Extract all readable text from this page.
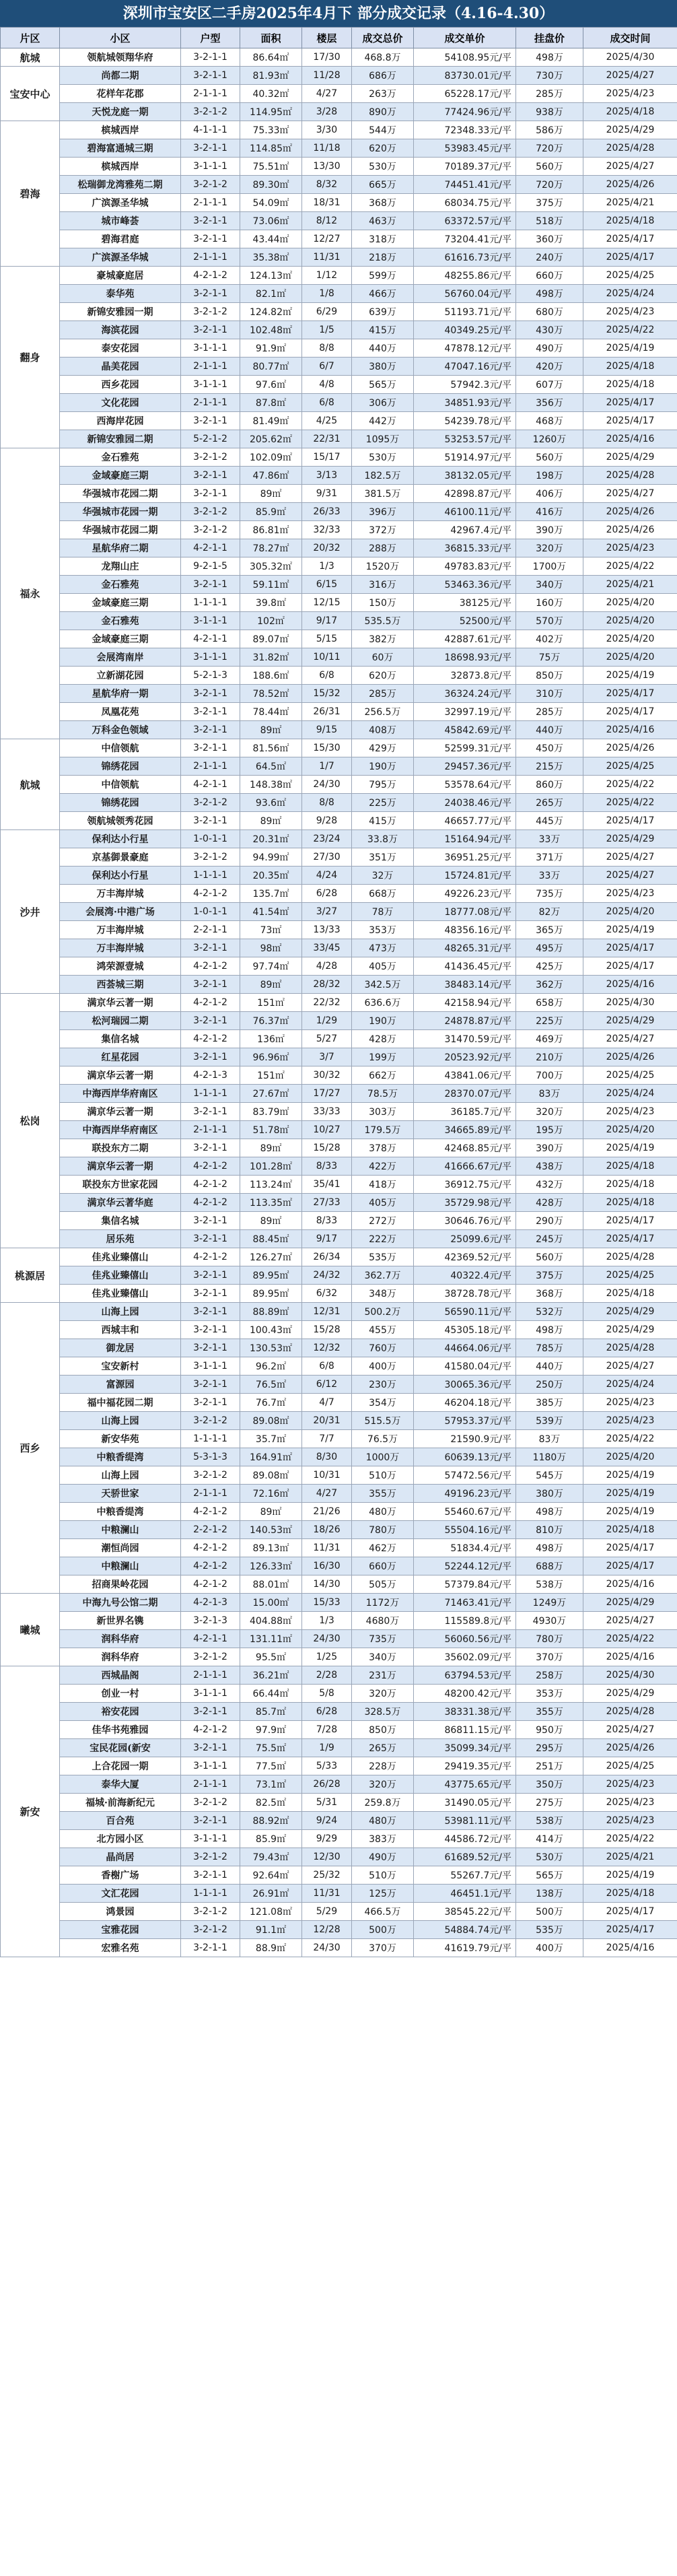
深圳市宝安区二手房2025年4月下 部分成交记录（4.16-4.30）
片区	小区	户型	面积	楼层	成交总价	成交单价	挂盘价	成交时间
航城	领航城领翔华府	3-2-1-1	86.64㎡	17/30	468.8万	54108.95元/平	498万	2025/4/30
宝安中心	尚都二期	3-2-1-1	81.93㎡	11/28	686万	83730.01元/平	730万	2025/4/27
	花样年花郡	2-1-1-1	40.32㎡	4/27	263万	65228.17元/平	285万	2025/4/23
	天悦龙庭一期	3-2-1-2	114.95㎡	3/28	890万	77424.96元/平	938万	2025/4/18
碧海	槟城西岸	4-1-1-1	75.33㎡	3/30	544万	72348.33元/平	586万	2025/4/29
	碧海富通城三期	3-2-1-1	114.85㎡	11/18	620万	53983.45元/平	720万	2025/4/28
	槟城西岸	3-1-1-1	75.51㎡	13/30	530万	70189.37元/平	560万	2025/4/27
	松瑞御龙湾雅苑二期	3-2-1-2	89.30㎡	8/32	665万	74451.41元/平	720万	2025/4/26
	广滨源圣华城	2-1-1-1	54.09㎡	18/31	368万	68034.75元/平	375万	2025/4/21
	城市峰荟	3-2-1-1	73.06㎡	8/12	463万	63372.57元/平	518万	2025/4/18
	碧海君庭	3-2-1-1	43.44㎡	12/27	318万	73204.41元/平	360万	2025/4/17
	广滨源圣华城	2-1-1-1	35.38㎡	11/31	218万	61616.73元/平	240万	2025/4/17
翻身	豪城豪庭居	4-2-1-2	124.13㎡	1/12	599万	48255.86元/平	660万	2025/4/25
	泰华苑	3-2-1-1	82.1㎡	1/8	466万	56760.04元/平	498万	2025/4/24
	新锦安雅园一期	3-2-1-2	124.82㎡	6/29	639万	51193.71元/平	680万	2025/4/23
	海滨花园	3-2-1-1	102.48㎡	1/5	415万	40349.25元/平	430万	2025/4/22
	泰安花园	3-1-1-1	91.9㎡	8/8	440万	47878.12元/平	490万	2025/4/19
	晶美花园	2-1-1-1	80.77㎡	6/7	380万	47047.16元/平	420万	2025/4/18
	西乡花园	3-1-1-1	97.6㎡	4/8	565万	57942.3元/平	607万	2025/4/18
	文化花园	2-1-1-1	87.8㎡	6/8	306万	34851.93元/平	356万	2025/4/17
	西海岸花园	3-2-1-1	81.49㎡	4/25	442万	54239.78元/平	468万	2025/4/17
	新锦安雅园二期	5-2-1-2	205.62㎡	22/31	1095万	53253.57元/平	1260万	2025/4/16
福永	金石雅苑	3-2-1-2	102.09㎡	15/17	530万	51914.97元/平	560万	2025/4/29
	金域豪庭三期	3-2-1-1	47.86㎡	3/13	182.5万	38132.05元/平	198万	2025/4/28
	华强城市花园二期	3-2-1-1	89㎡	9/31	381.5万	42898.87元/平	406万	2025/4/27
	华强城市花园一期	3-2-1-2	85.9㎡	26/33	396万	46100.11元/平	416万	2025/4/26
	华强城市花园二期	3-2-1-2	86.81㎡	32/33	372万	42967.4元/平	390万	2025/4/26
	星航华府二期	4-2-1-1	78.27㎡	20/32	288万	36815.33元/平	320万	2025/4/23
	龙翔山庄	9-2-1-5	305.32㎡	1/3	1520万	49783.83元/平	1700万	2025/4/22
	金石雅苑	3-2-1-1	59.11㎡	6/15	316万	53463.36元/平	340万	2025/4/21
	金域豪庭三期	1-1-1-1	39.8㎡	12/15	150万	38125元/平	160万	2025/4/20
	金石雅苑	3-1-1-1	102㎡	9/17	535.5万	52500元/平	570万	2025/4/20
	金域豪庭三期	4-2-1-1	89.07㎡	5/15	382万	42887.61元/平	402万	2025/4/20
	会展湾南岸	3-1-1-1	31.82㎡	10/11	60万	18698.93元/平	75万	2025/4/20
	立新湖花园	5-2-1-3	188.6㎡	6/8	620万	32873.8元/平	850万	2025/4/19
	星航华府一期	3-2-1-1	78.52㎡	15/32	285万	36324.24元/平	310万	2025/4/17
	凤凰花苑	3-2-1-1	78.44㎡	26/31	256.5万	32997.19元/平	285万	2025/4/17
	万科金色领域	3-2-1-1	89㎡	9/15	408万	45842.69元/平	440万	2025/4/16
航城	中信领航	3-2-1-1	81.56㎡	15/30	429万	52599.31元/平	450万	2025/4/26
	锦绣花园	2-1-1-1	64.5㎡	1/7	190万	29457.36元/平	215万	2025/4/25
	中信领航	4-2-1-1	148.38㎡	24/30	795万	53578.64元/平	860万	2025/4/22
	锦绣花园	3-2-1-2	93.6㎡	8/8	225万	24038.46元/平	265万	2025/4/22
	领航城领秀花园	3-2-1-1	89㎡	9/28	415万	46657.77元/平	445万	2025/4/17
沙井	保利达小行星	1-0-1-1	20.31㎡	23/24	33.8万	15164.94元/平	33万	2025/4/29
	京基御景豪庭	3-2-1-2	94.99㎡	27/30	351万	36951.25元/平	371万	2025/4/27
	保利达小行星	1-1-1-1	20.35㎡	4/24	32万	15724.81元/平	33万	2025/4/27
	万丰海岸城	4-2-1-2	135.7㎡	6/28	668万	49226.23元/平	735万	2025/4/23
	会展湾·中港广场	1-0-1-1	41.54㎡	3/27	78万	18777.08元/平	82万	2025/4/20
	万丰海岸城	2-2-1-1	73㎡	13/33	353万	48356.16元/平	365万	2025/4/19
	万丰海岸城	3-2-1-1	98㎡	33/45	473万	48265.31元/平	495万	2025/4/17
	鸿荣源壹城	4-2-1-2	97.74㎡	4/28	405万	41436.45元/平	425万	2025/4/17
	西荟城三期	3-2-1-1	89㎡	28/32	342.5万	38483.14元/平	362万	2025/4/16
松岗	满京华云著一期	4-2-1-2	151㎡	22/32	636.6万	42158.94元/平	658万	2025/4/30
	松河瑞园二期	3-2-1-1	76.37㎡	1/29	190万	24878.87元/平	225万	2025/4/29
	集信名城	4-2-1-2	136㎡	5/27	428万	31470.59元/平	469万	2025/4/27
	红星花园	3-2-1-1	96.96㎡	3/7	199万	20523.92元/平	210万	2025/4/26
	满京华云著一期	4-2-1-3	151㎡	30/32	662万	43841.06元/平	700万	2025/4/25
	中海西岸华府南区	1-1-1-1	27.67㎡	17/27	78.5万	28370.07元/平	83万	2025/4/24
	满京华云著一期	3-2-1-1	83.79㎡	33/33	303万	36185.7元/平	320万	2025/4/23
	中海西岸华府南区	2-1-1-1	51.78㎡	10/27	179.5万	34665.89元/平	195万	2025/4/20
	联投东方二期	3-2-1-1	89㎡	15/28	378万	42468.85元/平	390万	2025/4/19
	满京华云著一期	4-2-1-2	101.28㎡	8/33	422万	41666.67元/平	438万	2025/4/18
	联投东方世家花园	4-2-1-2	113.24㎡	35/41	418万	36912.75元/平	432万	2025/4/18
	满京华云著华庭	4-2-1-2	113.35㎡	27/33	405万	35729.98元/平	428万	2025/4/18
	集信名城	3-2-1-1	89㎡	8/33	272万	30646.76元/平	290万	2025/4/17
	居乐苑	3-2-1-1	88.45㎡	9/17	222万	25099.6元/平	245万	2025/4/17
桃源居	佳兆业臻僖山	4-2-1-2	126.27㎡	26/34	535万	42369.52元/平	560万	2025/4/28
	佳兆业臻僖山	3-2-1-1	89.95㎡	24/32	362.7万	40322.4元/平	375万	2025/4/25
	佳兆业臻僖山	3-2-1-1	89.95㎡	6/32	348万	38728.78元/平	368万	2025/4/18
西乡	山海上园	3-2-1-1	88.89㎡	12/31	500.2万	56590.11元/平	532万	2025/4/29
	西城丰和	3-2-1-1	100.43㎡	15/28	455万	45305.18元/平	498万	2025/4/29
	御龙居	3-2-1-1	130.53㎡	12/32	760万	44664.06元/平	785万	2025/4/28
	宝安新村	3-1-1-1	96.2㎡	6/8	400万	41580.04元/平	440万	2025/4/27
	富源园	3-2-1-1	76.5㎡	6/12	230万	30065.36元/平	250万	2025/4/24
	福中福花园二期	3-2-1-1	76.7㎡	4/7	354万	46204.18元/平	385万	2025/4/23
	山海上园	3-2-1-2	89.08㎡	20/31	515.5万	57953.37元/平	539万	2025/4/23
	新安华苑	1-1-1-1	35.7㎡	7/7	76.5万	21590.9元/平	83万	2025/4/22
	中粮香缇湾	5-3-1-3	164.91㎡	8/30	1000万	60639.13元/平	1180万	2025/4/20
	山海上园	3-2-1-2	89.08㎡	10/31	510万	57472.56元/平	545万	2025/4/19
	天骄世家	2-1-1-1	72.16㎡	4/27	355万	49196.23元/平	380万	2025/4/19
	中粮香缇湾	4-2-1-2	89㎡	21/26	480万	55460.67元/平	498万	2025/4/19
	中粮澜山	2-2-1-2	140.53㎡	18/26	780万	55504.16元/平	810万	2025/4/18
	潮恒尚园	4-2-1-2	89.13㎡	11/31	462万	51834.4元/平	498万	2025/4/17
	中粮澜山	4-2-1-2	126.33㎡	16/30	660万	52244.12元/平	688万	2025/4/17
	招商果岭花园	4-2-1-2	88.01㎡	14/30	505万	57379.84元/平	538万	2025/4/16
曦城	中海九号公馆二期	4-2-1-3	15.00㎡	15/33	1172万	71463.41元/平	1249万	2025/4/29
	新世界名镌	3-2-1-3	404.88㎡	1/3	4680万	115589.8元/平	4930万	2025/4/27
	润科华府	4-2-1-1	131.11㎡	24/30	735万	56060.56元/平	780万	2025/4/22
	润科华府	3-2-1-2	95.5㎡	1/25	340万	35602.09元/平	370万	2025/4/16
新安	西城晶阁	2-1-1-1	36.21㎡	2/28	231万	63794.53元/平	258万	2025/4/30
	创业一村	3-1-1-1	66.44㎡	5/8	320万	48200.42元/平	353万	2025/4/29
	裕安花园	3-2-1-1	85.7㎡	6/28	328.5万	38331.38元/平	355万	2025/4/28
	佳华书苑雅园	4-2-1-2	97.9㎡	7/28	850万	86811.15元/平	950万	2025/4/27
	宝民花园(新安	3-2-1-1	75.5㎡	1/9	265万	35099.34元/平	295万	2025/4/26
	上合花园一期	3-1-1-1	77.5㎡	5/33	228万	29419.35元/平	251万	2025/4/25
	泰华大厦	2-1-1-1	73.1㎡	26/28	320万	43775.65元/平	350万	2025/4/23
	福城·前海新纪元	3-2-1-2	82.5㎡	5/31	259.8万	31490.05元/平	275万	2025/4/23
	百合苑	3-2-1-1	88.92㎡	9/24	480万	53981.11元/平	538万	2025/4/23
	北方园小区	3-1-1-1	85.9㎡	9/29	383万	44586.72元/平	414万	2025/4/22
	晶尚居	3-2-1-2	79.43㎡	12/30	490万	61689.52元/平	530万	2025/4/21
	香榭广场	3-2-1-1	92.64㎡	25/32	510万	55267.7元/平	565万	2025/4/19
	文汇花园	1-1-1-1	26.91㎡	11/31	125万	46451.1元/平	138万	2025/4/18
	鸿景园	3-2-1-2	121.08㎡	5/29	466.5万	38545.22元/平	500万	2025/4/17
	宝雅花园	3-2-1-2	91.1㎡	12/28	500万	54884.74元/平	535万	2025/4/17
	宏雅名苑	3-2-1-1	88.9㎡	24/30	370万	41619.79元/平	400万	2025/4/16
